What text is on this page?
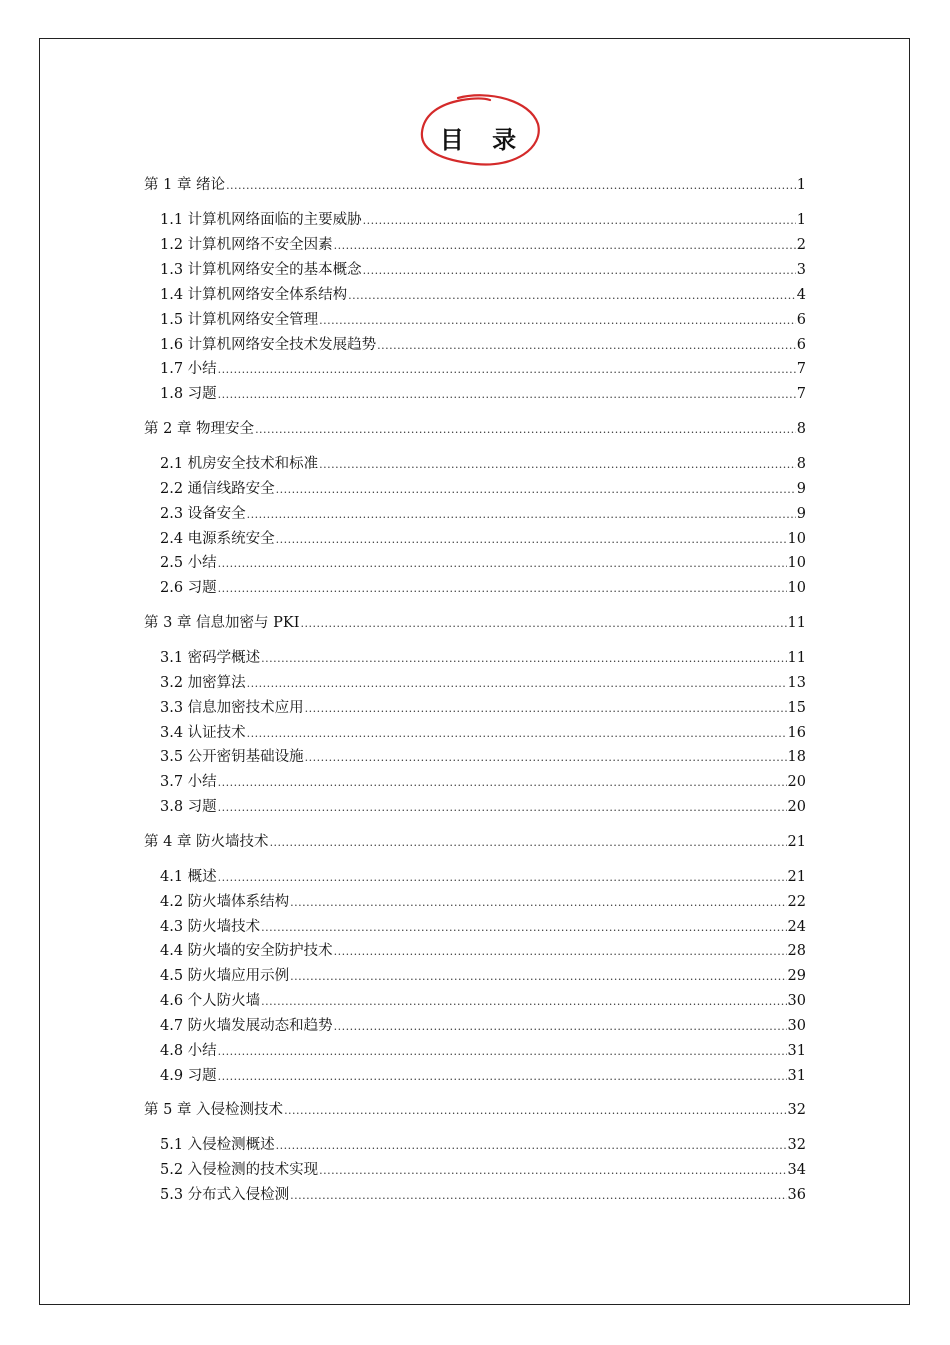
目 录
第 1 章 绪论 .....	1
1.1 计算机网络面临的主要威胁 .....	1
1.2 计算机网络不安全因素 .....	2
1.3 计算机网络安全的基本概念 .....	3
1.4 计算机网络安全体系结构 .....	4
1.5 计算机网络安全管理 .....	6
1.6 计算机网络安全技术发展趋势 .....	6
1.7 小结 .....	7
1.8 习题 .....	7
第 2 章 物理安全 .....	8
2.1 机房安全技术和标准 .....	8
2.2 通信线路安全 .....	9
2.3 设备安全 .....	9
2.4 电源系统安全 .....	10
2.5 小结 .....	10
2.6 习题 .....	10
第 3 章 信息加密与 PKI .....	11
3.1 密码学概述 .....	11
3.2 加密算法 .....	13
3.3 信息加密技术应用 .....	15
3.4 认证技术 .....	16
3.5 公开密钥基础设施 .....	18
3.7 小结 .....	20
3.8 习题 .....	20
第 4 章 防火墙技术 .....	21
4.1 概述 .....	21
4.2 防火墙体系结构 .....	22
4.3 防火墙技术 .....	24
4.4 防火墙的安全防护技术 .....	28
4.5 防火墙应用示例 .....	29
4.6 个人防火墙 .....	30
4.7 防火墙发展动态和趋势 .....	30
4.8 小结 .....	31
4.9 习题 .....	31
第 5 章 入侵检测技术 .....	32
5.1 入侵检测概述 .....	32
5.2 入侵检测的技术实现 .....	34
5.3 分布式入侵检测 .....	36
